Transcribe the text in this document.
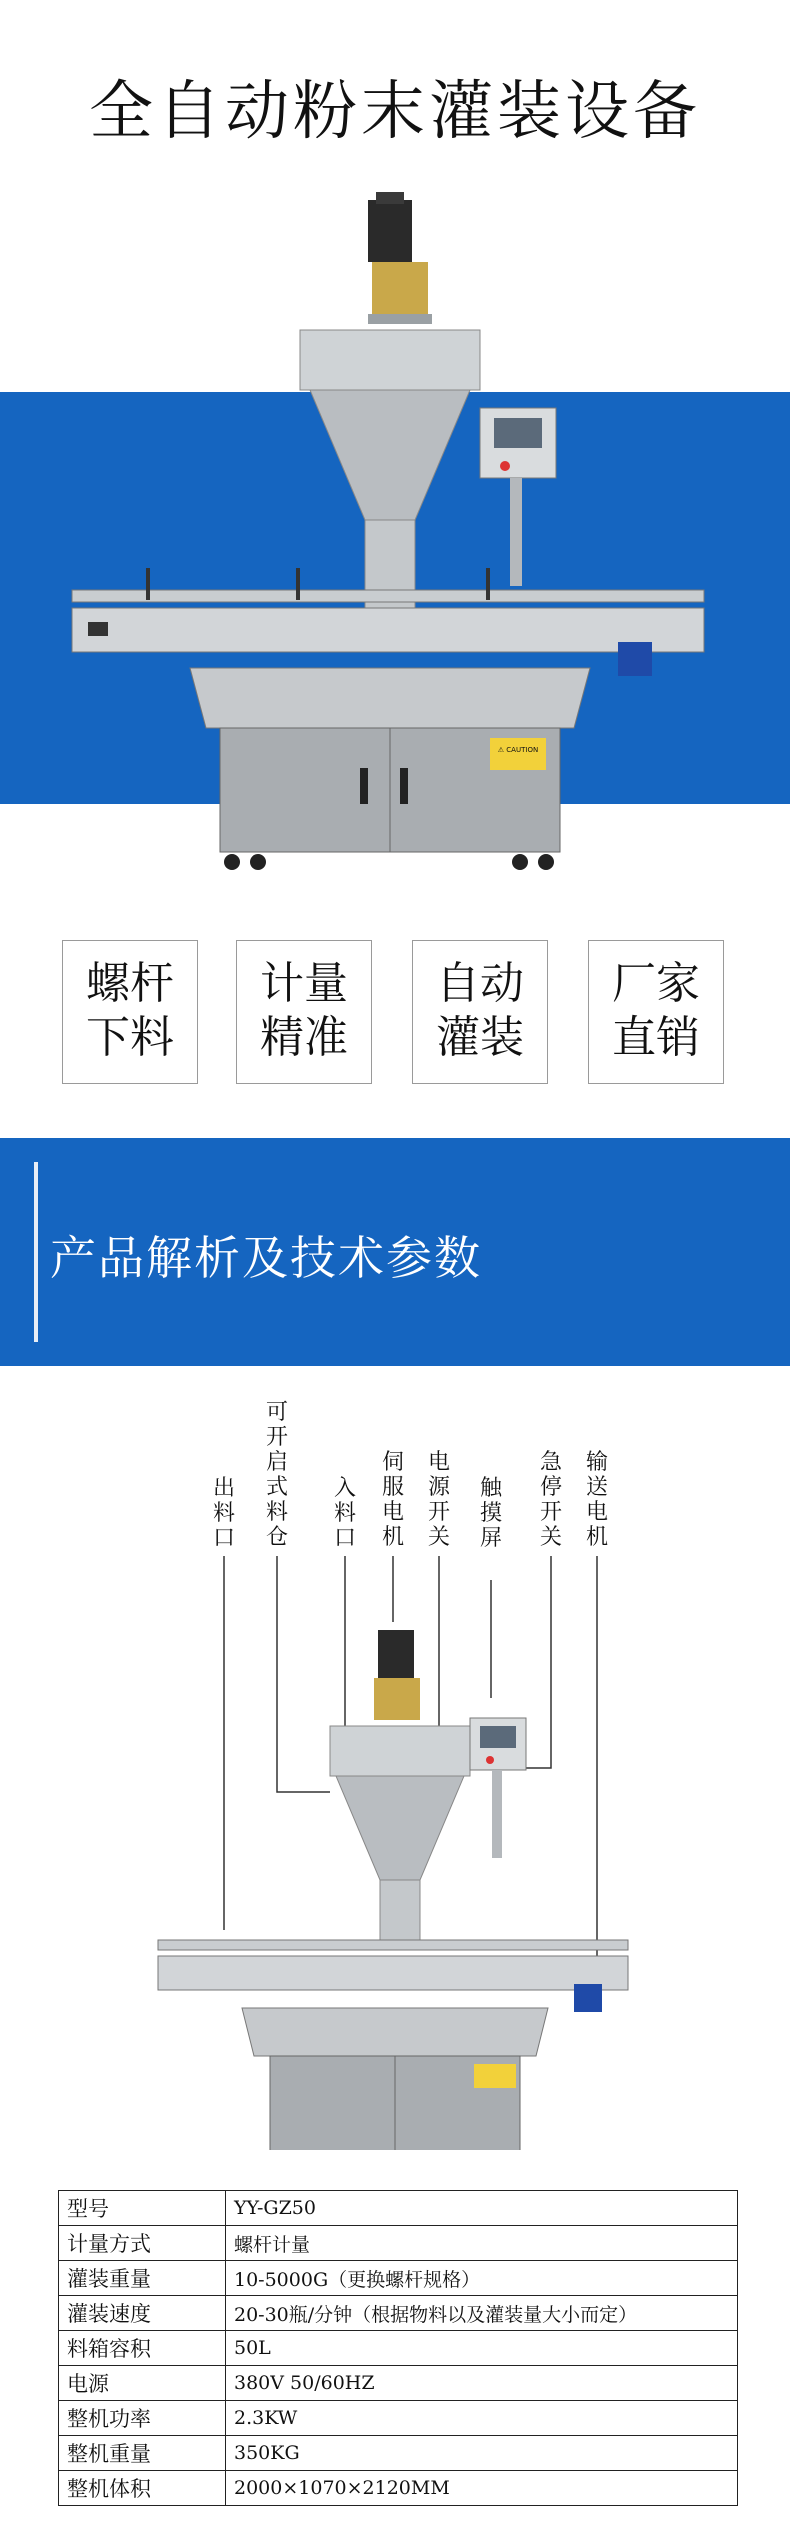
全自动粉末灌装设备
⚠ CAUTION
螺杆
下料
计量
精准
自动
灌装
厂家
直销
产品解析及技术参数
出料口
可开启式料仓
入料口
伺服电机
电源开关
触摸屏
急停开关
输送电机
型号	YY-GZ50
计量方式	螺杆计量
灌装重量	10-5000G（更换螺杆规格）
灌装速度	20-30瓶/分钟（根据物料以及灌装量大小而定）
料箱容积	50L
电源	380V 50/60HZ
整机功率	2.3KW
整机重量	350KG
整机体积	2000×1070×2120MM
